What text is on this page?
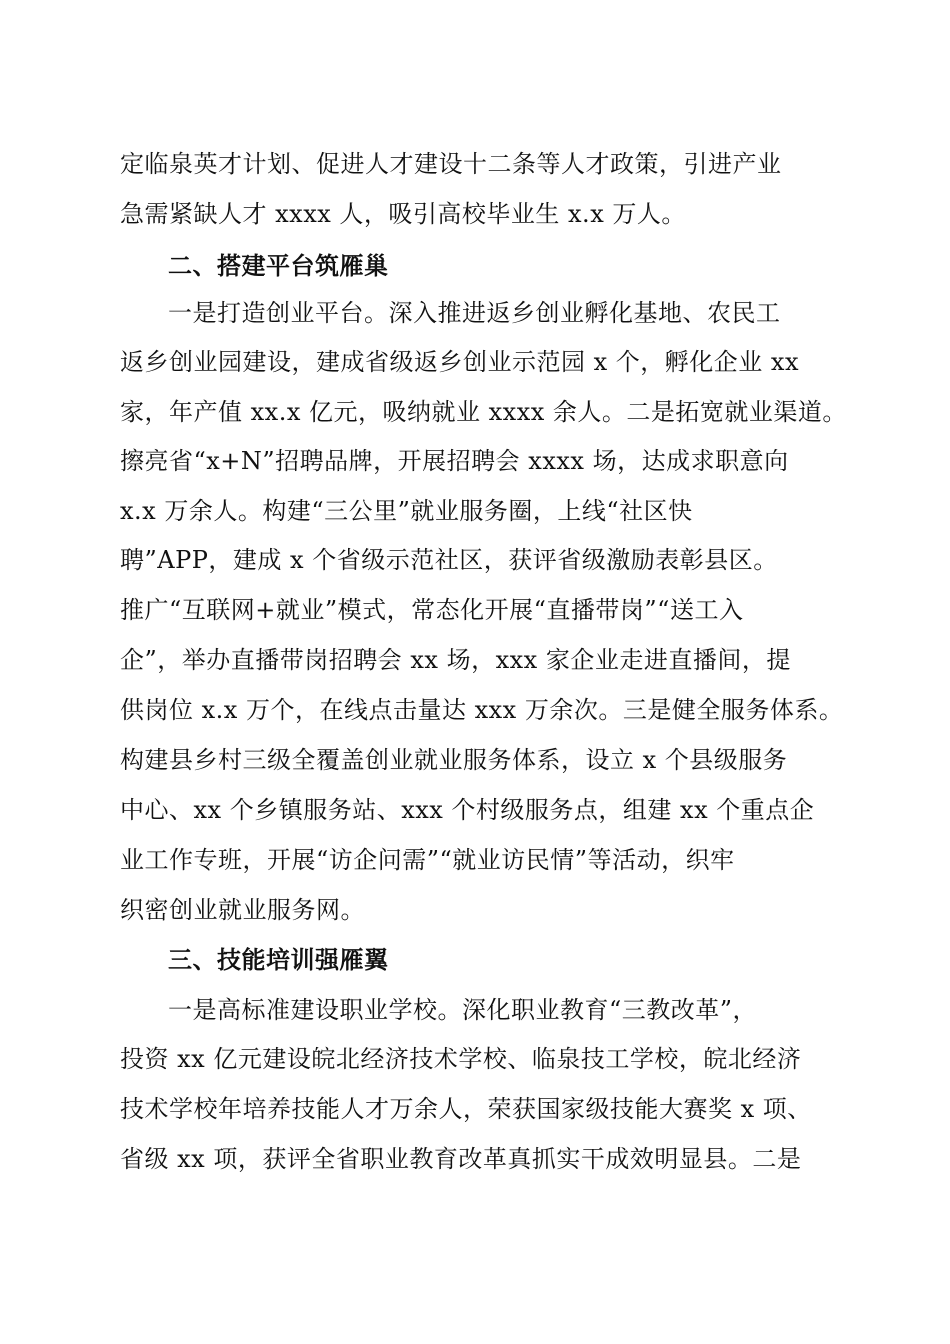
定临泉英才计划、促进人才建设十二条等人才政策，引进产业
急需紧缺人才 xxxx 人，吸引高校毕业生 x.x 万人。
二、搭建平台筑雁巢
一是打造创业平台。深入推进返乡创业孵化基地、农民工
返乡创业园建设，建成省级返乡创业示范园 x 个，孵化企业 xx
家，年产值 xx.x 亿元，吸纳就业 xxxx 余人。二是拓宽就业渠道。
擦亮省“x+N”招聘品牌，开展招聘会 xxxx 场，达成求职意向
x.x 万余人。构建“三公里”就业服务圈，上线“社区快
聘”APP，建成 x 个省级示范社区，获评省级激励表彰县区。
推广“互联网+就业”模式，常态化开展“直播带岗”“送工入
企”，举办直播带岗招聘会 xx 场，xxx 家企业走进直播间，提
供岗位 x.x 万个，在线点击量达 xxx 万余次。三是健全服务体系。
构建县乡村三级全覆盖创业就业服务体系，设立 x 个县级服务
中心、xx 个乡镇服务站、xxx 个村级服务点，组建 xx 个重点企
业工作专班，开展“访企问需”“就业访民情”等活动，织牢
织密创业就业服务网。
三、技能培训强雁翼
一是高标准建设职业学校。深化职业教育“三教改革”，
投资 xx 亿元建设皖北经济技术学校、临泉技工学校，皖北经济
技术学校年培养技能人才万余人，荣获国家级技能大赛奖 x 项、
省级 xx 项，获评全省职业教育改革真抓实干成效明显县。二是
